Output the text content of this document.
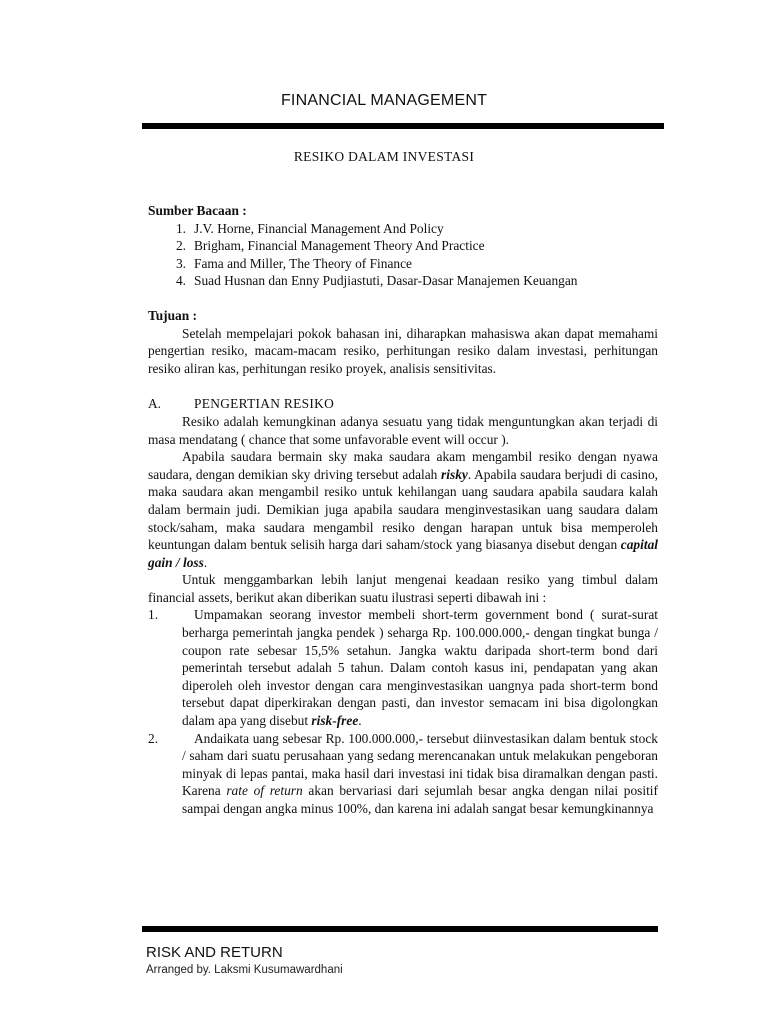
FINANCIAL MANAGEMENT
RESIKO DALAM INVESTASI
Sumber Bacaan :
1. J.V. Horne, Financial Management And Policy
2. Brigham, Financial Management Theory And Practice
3. Fama and Miller, The Theory of Finance
4. Suad Husnan dan Enny Pudjiastuti, Dasar-Dasar Manajemen Keuangan
Tujuan :

Setelah mempelajari pokok bahasan ini, diharapkan mahasiswa akan dapat memahami pengertian resiko, macam-macam resiko, perhitungan resiko dalam investasi, perhitungan resiko aliran kas, perhitungan resiko proyek, analisis sensitivitas.

A.	PENGERTIAN RESIKO

Resiko adalah kemungkinan adanya sesuatu yang tidak menguntungkan akan terjadi di masa mendatang ( chance that some unfavorable event will occur ).

Apabila saudara bermain sky maka saudara akam mengambil resiko dengan nyawa saudara, dengan demikian sky driving tersebut adalah risky. Apabila saudara berjudi di casino, maka saudara akan mengambil resiko untuk kehilangan uang saudara apabila saudara kalah dalam bermain judi. Demikian juga apabila saudara menginvestasikan uang saudara dalam stock/saham, maka saudara mengambil resiko dengan harapan untuk bisa memperoleh keuntungan dalam bentuk selisih harga dari saham/stock yang biasanya disebut dengan capital gain / loss.

Untuk menggambarkan lebih lanjut mengenai keadaan resiko yang timbul dalam financial assets, berikut akan diberikan suatu ilustrasi seperti dibawah ini :

1.	Umpamakan seorang investor membeli short-term government bond ( surat-surat berharga pemerintah jangka pendek ) seharga Rp. 100.000.000,- dengan tingkat bunga / coupon rate sebesar 15,5% setahun. Jangka waktu daripada short-term bond dari pemerintah tersebut adalah 5 tahun. Dalam contoh kasus ini, pendapatan yang akan diperoleh oleh investor dengan cara menginvestasikan uangnya pada short-term bond tersebut dapat diperkirakan dengan pasti, dan investor semacam ini bisa digolongkan dalam apa yang disebut risk-free.
2.	Andaikata uang sebesar Rp. 100.000.000,- tersebut diinvestasikan dalam bentuk stock / saham dari suatu perusahaan yang sedang merencanakan untuk melakukan pengeboran minyak di lepas pantai, maka hasil dari investasi ini tidak bisa diramalkan dengan pasti. Karena rate of return akan bervariasi dari sejumlah besar angka dengan nilai positif sampai dengan angka minus 100%, dan karena ini adalah sangat besar kemungkinannya
RISK AND RETURN
Arranged by. Laksmi Kusumawardhani
